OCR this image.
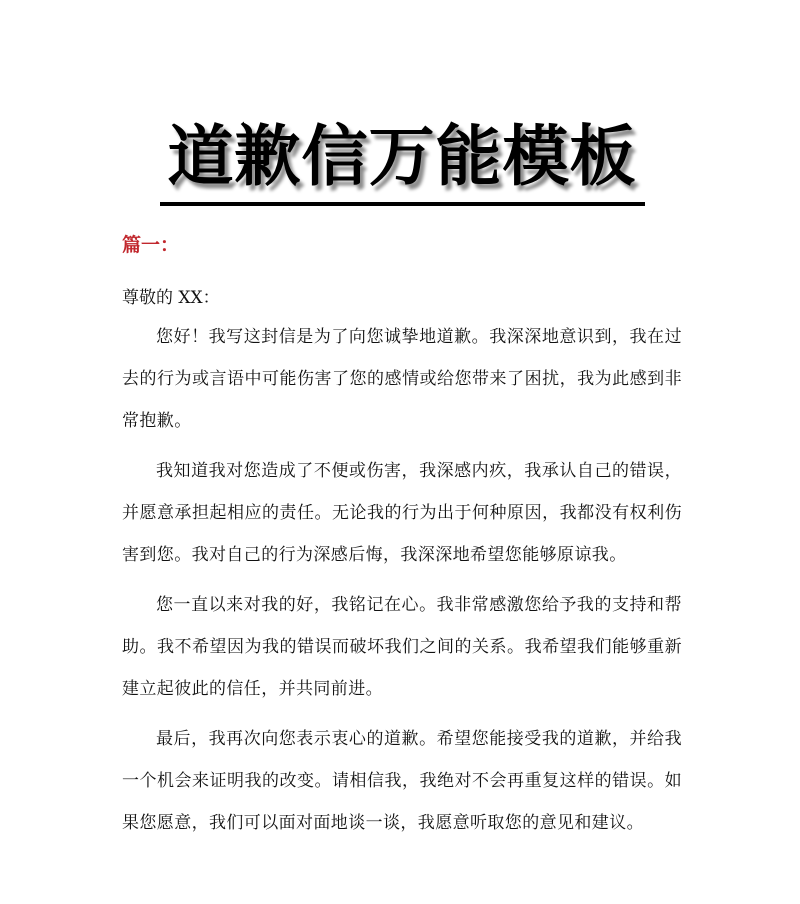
道歉信万能模板
篇一：

尊敬的 XX：

您好！我写这封信是为了向您诚挚地道歉。我深深地意识到，我在过去的行为或言语中可能伤害了您的感情或给您带来了困扰，我为此感到非常抱歉。

我知道我对您造成了不便或伤害，我深感内疚，我承认自己的错误，并愿意承担起相应的责任。无论我的行为出于何种原因，我都没有权利伤害到您。我对自己的行为深感后悔，我深深地希望您能够原谅我。

您一直以来对我的好，我铭记在心。我非常感激您给予我的支持和帮助。我不希望因为我的错误而破坏我们之间的关系。我希望我们能够重新建立起彼此的信任，并共同前进。

最后，我再次向您表示衷心的道歉。希望您能接受我的道歉，并给我一个机会来证明我的改变。请相信我，我绝对不会再重复这样的错误。如果您愿意，我们可以面对面地谈一谈，我愿意听取您的意见和建议。
